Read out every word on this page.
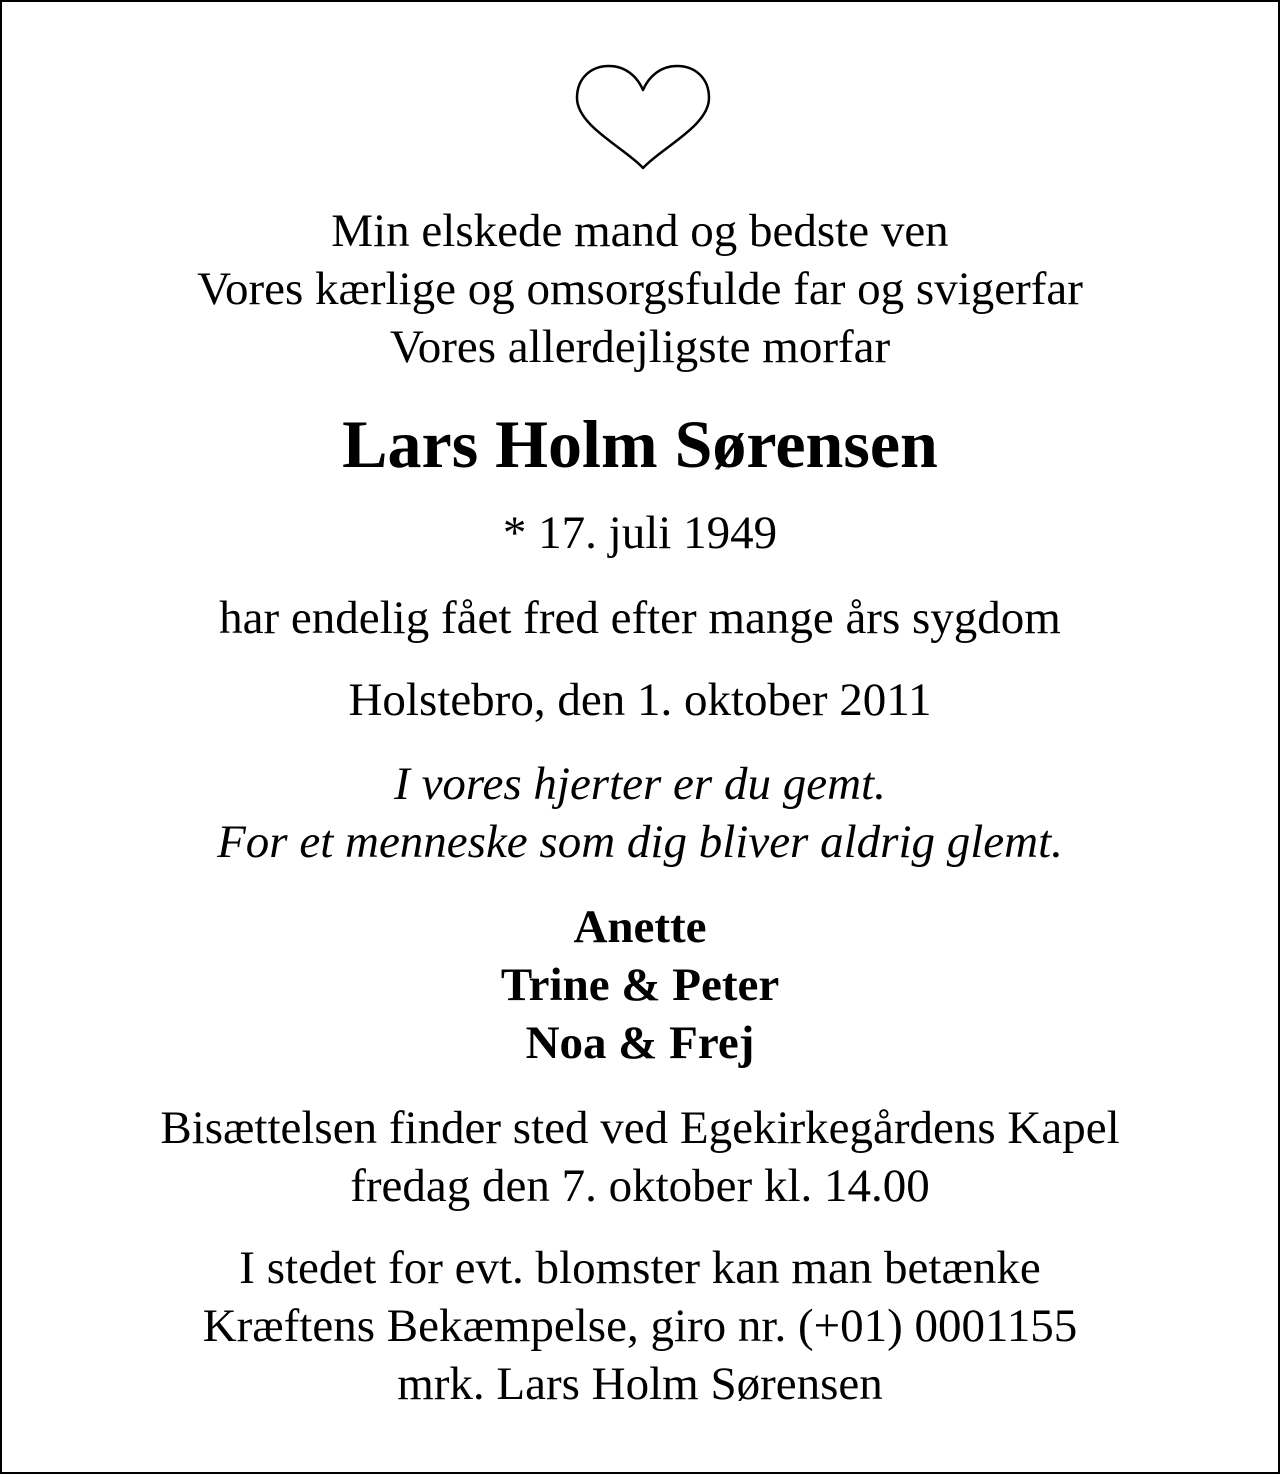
Min elskede mand og bedste ven
Vores kærlige og omsorgsfulde far og svigerfar
Vores allerdejligste morfar
Lars Holm Sørensen
* 17. juli 1949
har endelig fået fred efter mange års sygdom
Holstebro, den 1. oktober 2011
I vores hjerter er du gemt.
For et menneske som dig bliver aldrig glemt.
Anette
Trine & Peter
Noa & Frej
Bisættelsen finder sted ved Egekirkegårdens Kapel
fredag den 7. oktober kl. 14.00
I stedet for evt. blomster kan man betænke
Kræftens Bekæmpelse, giro nr. (+01) 0001155
mrk. Lars Holm Sørensen
